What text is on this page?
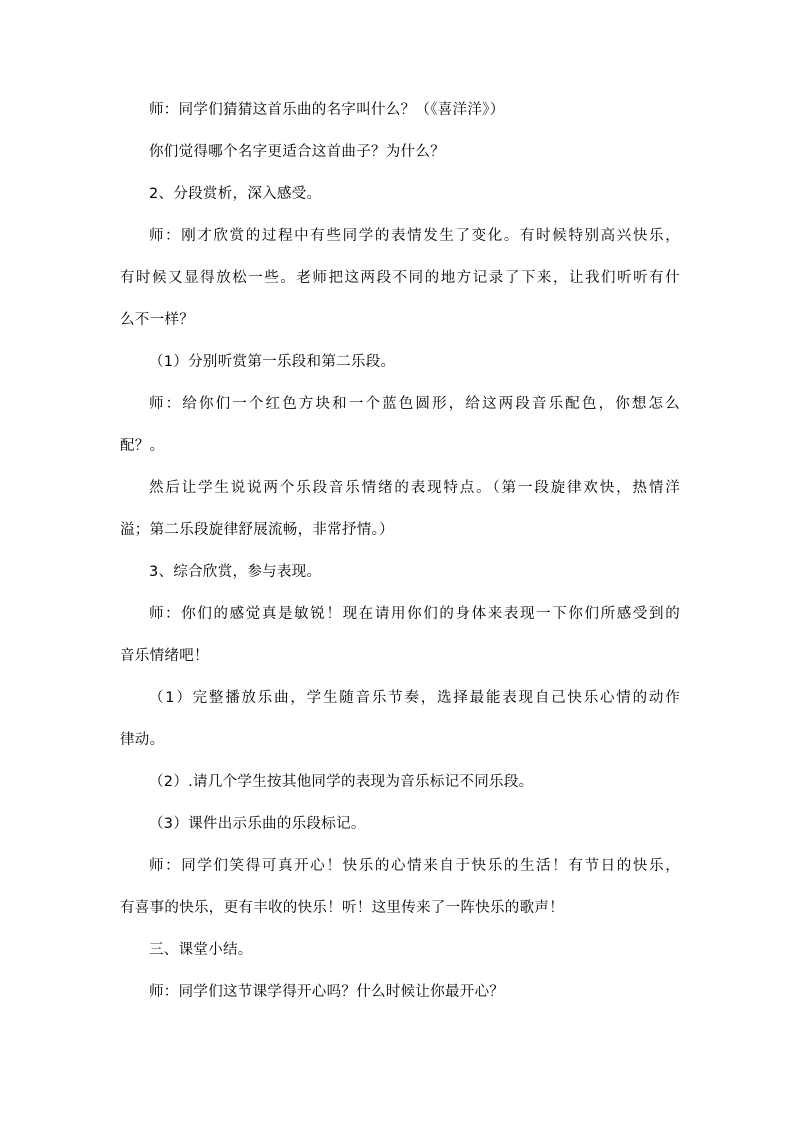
师：同学们猜猜这首乐曲的名字叫什么？（《喜洋洋》）
你们觉得哪个名字更适合这首曲子？为什么？
2、分段赏析，深入感受。
师：刚才欣赏的过程中有些同学的表情发生了变化。有时候特别高兴快乐，
有时候又显得放松一些。老师把这两段不同的地方记录了下来，让我们听听有什
么不一样？
（1）分别听赏第一乐段和第二乐段。
师：给你们一个红色方块和一个蓝色圆形，给这两段音乐配色，你想怎么
配？。
然后让学生说说两个乐段音乐情绪的表现特点。（第一段旋律欢快，热情洋
溢；第二乐段旋律舒展流畅，非常抒情。）
3、综合欣赏，参与表现。
师：你们的感觉真是敏锐！现在请用你们的身体来表现一下你们所感受到的
音乐情绪吧！
（1）完整播放乐曲，学生随音乐节奏，选择最能表现自己快乐心情的动作
律动。
（2）.请几个学生按其他同学的表现为音乐标记不同乐段。
（3）课件出示乐曲的乐段标记。
师：同学们笑得可真开心！快乐的心情来自于快乐的生活！有节日的快乐，
有喜事的快乐，更有丰收的快乐！听！这里传来了一阵快乐的歌声！
三、课堂小结。
师：同学们这节课学得开心吗？什么时候让你最开心？
